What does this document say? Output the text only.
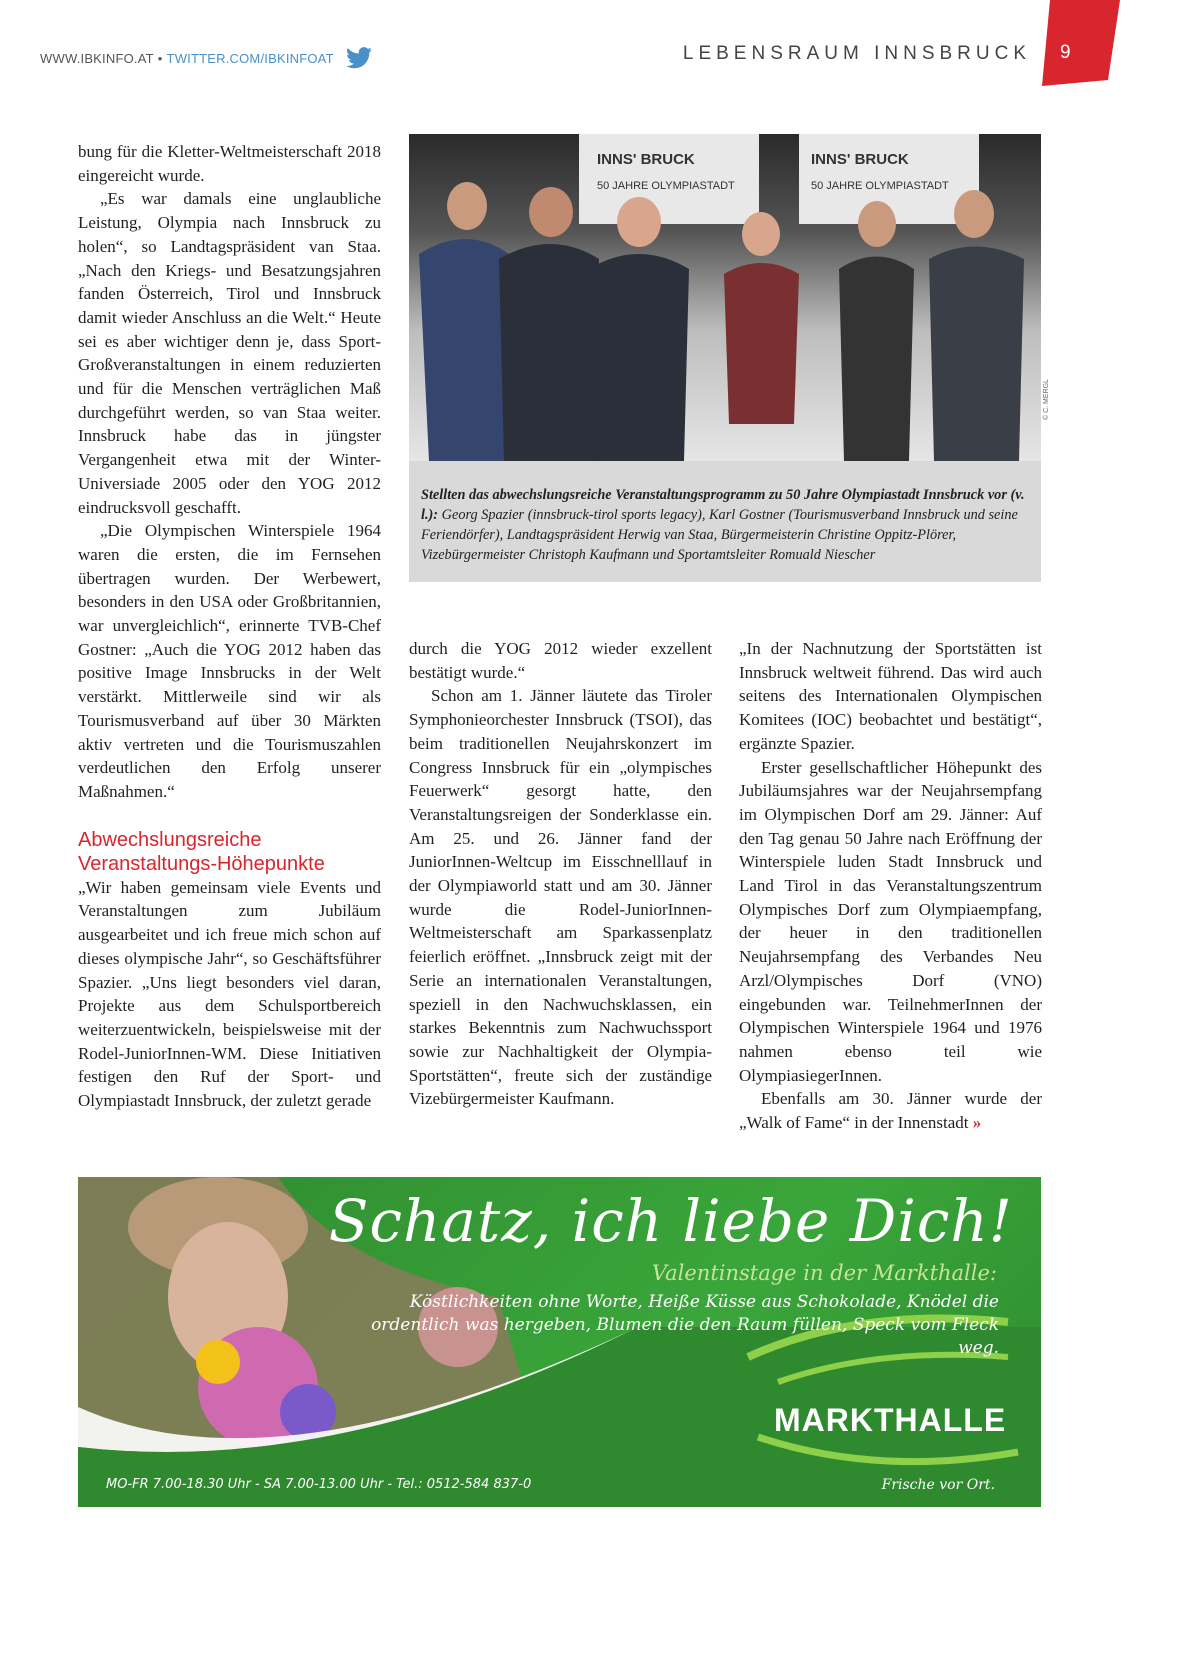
WWW.IBKINFO.AT • TWITTER.COM/IBKINFOAT	LEBENSRAUM INNSBRUCK 9

bung für die Kletter-Weltmeisterschaft 2018 eingereicht wurde.

„Es war damals eine unglaubliche Leistung, Olympia nach Innsbruck zu holen“, so Landtagspräsident van Staa. „Nach den Kriegs- und Besatzungsjahren fanden Österreich, Tirol und Innsbruck damit wieder Anschluss an die Welt.“ Heute sei es aber wichtiger denn je, dass Sport-Großveranstaltungen in einem reduzierten und für die Menschen verträglichen Maß durchgeführt werden, so van Staa weiter. Innsbruck habe das in jüngster Vergangenheit etwa mit der Winter-Universiade 2005 oder den YOG 2012 eindrucksvoll geschafft.

„Die Olympischen Winterspiele 1964 waren die ersten, die im Fernsehen übertragen wurden. Der Werbewert, besonders in den USA oder Großbritannien, war unvergleichlich“, erinnerte TVB-Chef Gostner: „Auch die YOG 2012 haben das positive Image Innsbrucks in der Welt verstärkt. Mittlerweile sind wir als Tourismusverband auf über 30 Märkten aktiv vertreten und die Tourismuszahlen verdeutlichen den Erfolg unserer Maßnahmen.“

Abwechslungsreiche Veranstaltungs-Höhepunkte

„Wir haben gemeinsam viele Events und Veranstaltungen zum Jubiläum ausgearbeitet und ich freue mich schon auf dieses olympische Jahr“, so Geschäftsführer Spazier. „Uns liegt besonders viel daran, Projekte aus dem Schulsportbereich weiterzuentwickeln, beispielsweise mit der Rodel-JuniorInnen-WM. Diese Initiativen festigen den Ruf der Sport- und Olympiastadt Innsbruck, der zuletzt gerade

INNS' BRUCK
50 JAHRE OLYMPIASTADT
INNS' BRUCK
50 JAHRE OLYMPIASTADT
© C. MERGL
Stellten das abwechslungsreiche Veranstaltungsprogramm zu 50 Jahre Olympiastadt Innsbruck vor (v. l.): Georg Spazier (innsbruck-tirol sports legacy), Karl Gostner (Tourismusverband Innsbruck und seine Feriendörfer), Landtagspräsident Herwig van Staa, Bürgermeisterin Christine Oppitz-Plörer, Vizebürgermeister Christoph Kaufmann und Sportamtsleiter Romuald Niescher

durch die YOG 2012 wieder exzellent bestätigt wurde.“

Schon am 1. Jänner läutete das Tiroler Symphonieorchester Innsbruck (TSOI), das beim traditionellen Neujahrskonzert im Congress Innsbruck für ein „olympisches Feuerwerk“ gesorgt hatte, den Veranstaltungsreigen der Sonderklasse ein. Am 25. und 26. Jänner fand der JuniorInnen-Weltcup im Eisschnelllauf in der Olympiaworld statt und am 30. Jänner wurde die Rodel-JuniorInnen-Weltmeisterschaft am Sparkassenplatz feierlich eröffnet. „Innsbruck zeigt mit der Serie an internationalen Veranstaltungen, speziell in den Nachwuchsklassen, ein starkes Bekenntnis zum Nachwuchssport sowie zur Nachhaltigkeit der Olympia-Sportstätten“, freute sich der zuständige Vizebürgermeister Kaufmann.

„In der Nachnutzung der Sportstätten ist Innsbruck weltweit führend. Das wird auch seitens des Internationalen Olympischen Komitees (IOC) beobachtet und bestätigt“, ergänzte Spazier.

Erster gesellschaftlicher Höhepunkt des Jubiläumsjahres war der Neujahrsempfang im Olympischen Dorf am 29. Jänner: Auf den Tag genau 50 Jahre nach Eröffnung der Winterspiele luden Stadt Innsbruck und Land Tirol in das Veranstaltungszentrum Olympisches Dorf zum Olympiaempfang, der heuer in den traditionellen Neujahrsempfang des Verbandes Neu Arzl/Olympisches Dorf (VNO) eingebunden war. TeilnehmerInnen der Olympischen Winterspiele 1964 und 1976 nahmen ebenso teil wie OlympiasiegerInnen.

Ebenfalls am 30. Jänner wurde der „Walk of Fame“ in der Innenstadt »

Schatz, ich liebe Dich!
Valentinstage in der Markthalle:
Köstlichkeiten ohne Worte, Heiße Küsse aus Schokolade, Knödel die ordentlich was hergeben, Blumen die den Raum füllen, Speck vom Fleck weg.
MARKTHALLE
MO-FR 7.00-18.30 Uhr - SA 7.00-13.00 Uhr - Tel.: 0512-584 837-0	Frische vor Ort.
